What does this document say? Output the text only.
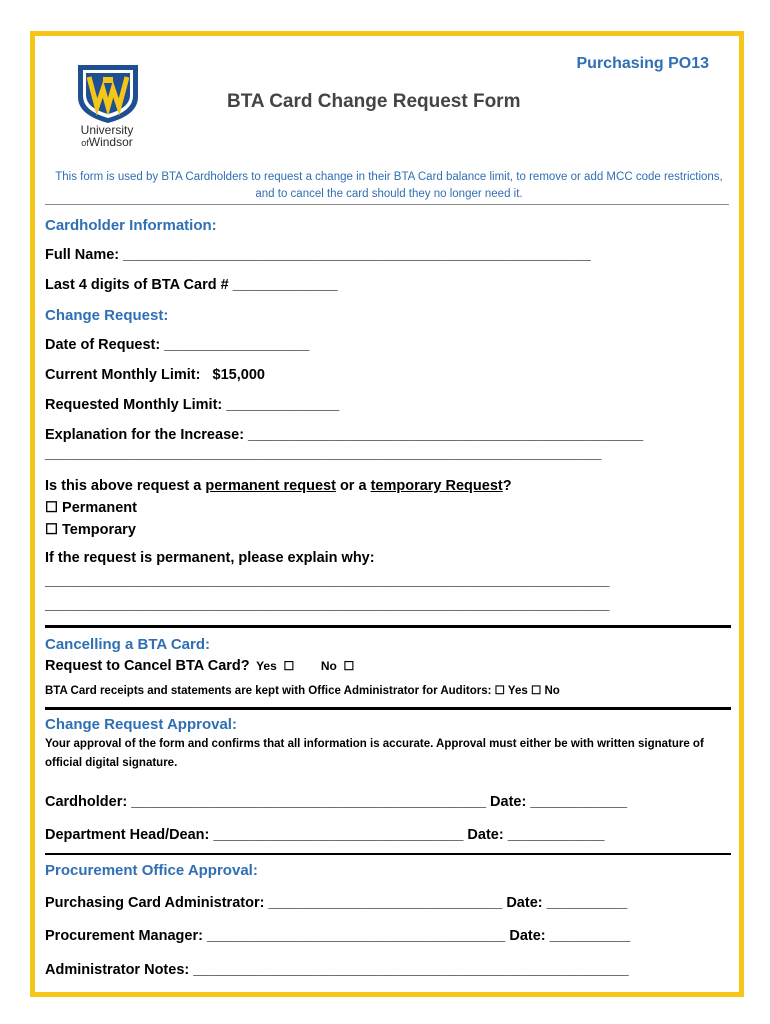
University
ofWindsor
Purchasing PO13
BTA Card Change Request Form
This form is used by BTA Cardholders to request a change in their BTA Card balance limit, to remove or add MCC code restrictions, and to cancel the card should they no longer need it.
Cardholder Information:
Full Name: __________________________________________________________
Last 4 digits of BTA Card # _____________
Change Request:
Date of Request: __________________
Current Monthly Limit:   $15,000
Requested Monthly Limit: ______________
Explanation for the Increase: _________________________________________________
_____________________________________________________________________
Is this above request a permanent request or a temporary Request?
☐ Permanent
☐ Temporary
If the request is permanent, please explain why:
______________________________________________________________________
______________________________________________________________________
Cancelling a BTA Card:
Request to Cancel BTA Card? Yes  ☐ No  ☐
BTA Card receipts and statements are kept with Office Administrator for Auditors: ☐ Yes ☐ No
Change Request Approval:
Your approval of the form and confirms that all information is accurate. Approval must either be with written signature of official digital signature.
Cardholder: ____________________________________________ Date: ____________
Department Head/Dean: _______________________________ Date: ____________
Procurement Office Approval:
Purchasing Card Administrator: _____________________________ Date: __________
Procurement Manager: _____________________________________ Date: __________
Administrator Notes: ______________________________________________________
